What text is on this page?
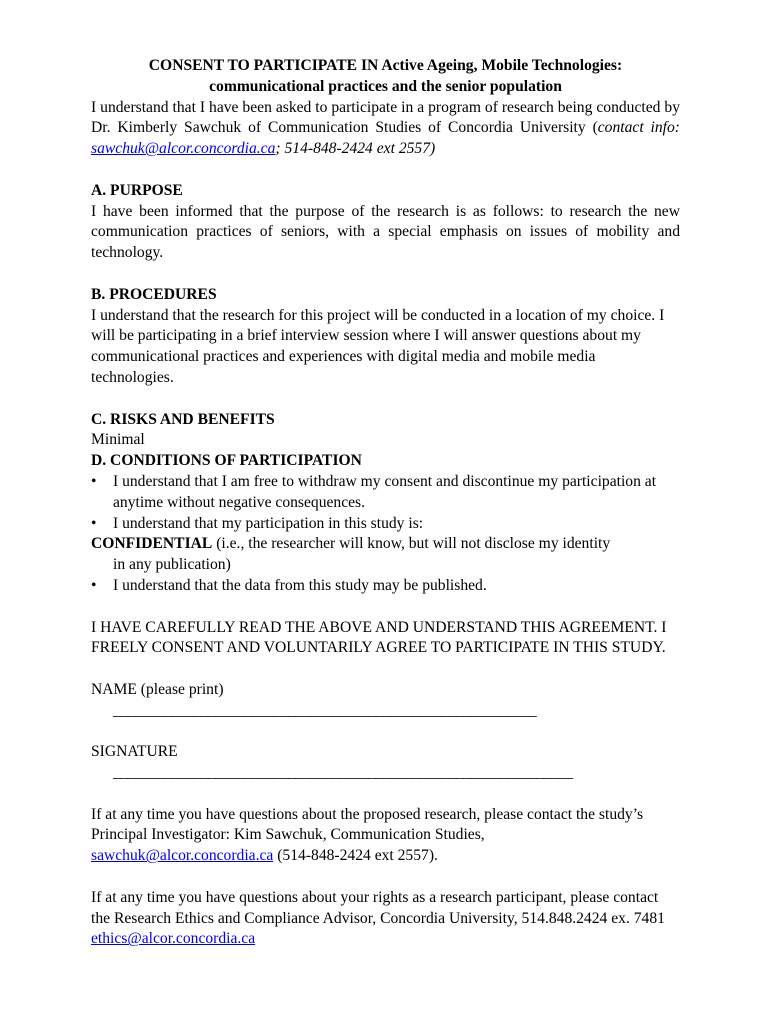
CONSENT TO PARTICIPATE IN Active Ageing, Mobile Technologies:
communicational practices and the senior population

I understand that I have been asked to participate in a program of research being conducted by Dr. Kimberly Sawchuk of Communication Studies of Concordia University (contact info: sawchuk@alcor.concordia.ca; 514-848-2424 ext 2557)

A. PURPOSE

I have been informed that the purpose of the research is as follows: to research the new communication practices of seniors, with a special emphasis on issues of mobility and technology.

B. PROCEDURES

I understand that the research for this project will be conducted in a location of my choice. I will be participating in a brief interview session where I will answer questions about my communicational practices and experiences with digital media and mobile media technologies.

C. RISKS AND BENEFITS

Minimal

D. CONDITIONS OF PARTICIPATION

• I understand that I am free to withdraw my consent and discontinue my participation at anytime without negative consequences.
• I understand that my participation in this study is:

CONFIDENTIAL (i.e., the researcher will know, but will not disclose my identity

in any publication)

• I understand that the data from this study may be published.

I HAVE CAREFULLY READ THE ABOVE AND UNDERSTAND THIS AGREEMENT. I FREELY CONSENT AND VOLUNTARILY AGREE TO PARTICIPATE IN THIS STUDY.

NAME (please print)

__________________________________________________________

SIGNATURE

_______________________________________________________________

If at any time you have questions about the proposed research, please contact the study’s Principal Investigator: Kim Sawchuk, Communication Studies,
sawchuk@alcor.concordia.ca (514-848-2424 ext 2557).

If at any time you have questions about your rights as a research participant, please contact the Research Ethics and Compliance Advisor, Concordia University, 514.848.2424 ex. 7481 ethics@alcor.concordia.ca
